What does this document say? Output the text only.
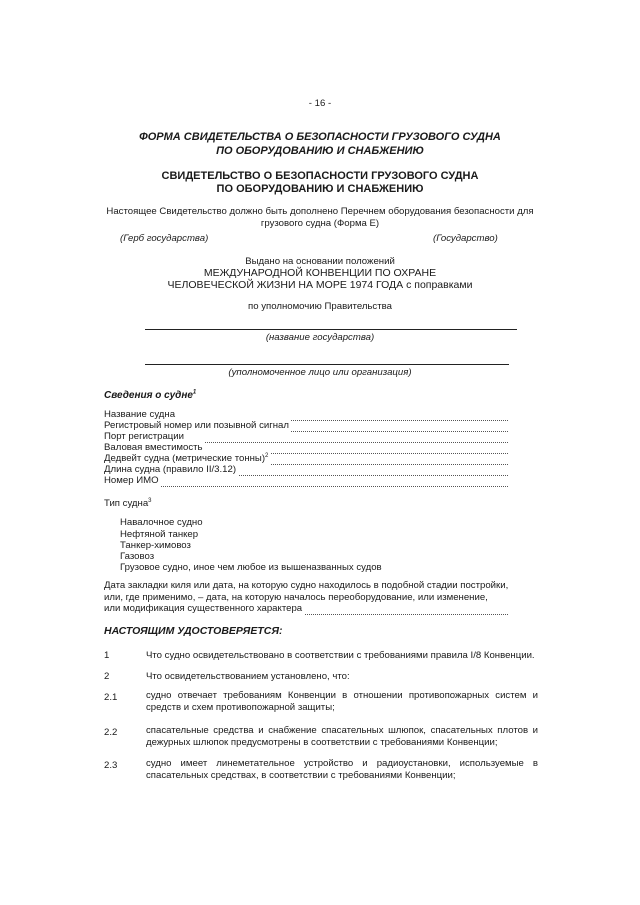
- 16 -
ФОРМА СВИДЕТЕЛЬСТВА О БЕЗОПАСНОСТИ ГРУЗОВОГО СУДНА
ПО ОБОРУДОВАНИЮ И СНАБЖЕНИЮ
СВИДЕТЕЛЬСТВО О БЕЗОПАСНОСТИ ГРУЗОВОГО СУДНА
ПО ОБОРУДОВАНИЮ И СНАБЖЕНИЮ
Настоящее Свидетельство должно быть дополнено Перечнем оборудования безопасности для
грузового судна (Форма E)
(Герб государства)	(Государство)
Выдано на основании положений
МЕЖДУНАРОДНОЙ КОНВЕНЦИИ ПО ОХРАНЕ
ЧЕЛОВЕЧЕСКОЙ ЖИЗНИ НА МОРЕ 1974 ГОДА с поправками
по уполномочию Правительства
(название государства)
(уполномоченное лицо или организация)
Сведения о судне$^1$
Название судна
Регистровый номер или позывной сигнал
Порт регистрации
Валовая вместимость
Дедвейт судна (метрические тонны)$^2$
Длина судна (правило II/3.12)
Номер ИМО
Тип судна$^3$
Навалочное судно
Нефтяной танкер
Танкер-химовоз
Газовоз
Грузовое судно, иное чем любое из вышеназванных судов
Дата закладки киля или дата, на которую судно находилось в подобной стадии постройки,
или, где применимо, – дата, на которую началось переоборудование, или изменение,
или модификация существенного характера
НАСТОЯЩИМ УДОСТОВЕРЯЕТСЯ:
1	Что судно освидетельствовано в соответствии с требованиями правила I/8 Конвенции.
2	Что освидетельствованием установлено, что:
2.1	судно отвечает требованиям Конвенции в отношении противопожарных систем и средств и схем противопожарной защиты;
2.2	спасательные средства и снабжение спасательных шлюпок, спасательных плотов и дежурных шлюпок предусмотрены в соответствии с требованиями Конвенции;
2.3	судно имеет линеметательное устройство и радиоустановки, используемые в спасательных средствах, в соответствии с требованиями Конвенции;
